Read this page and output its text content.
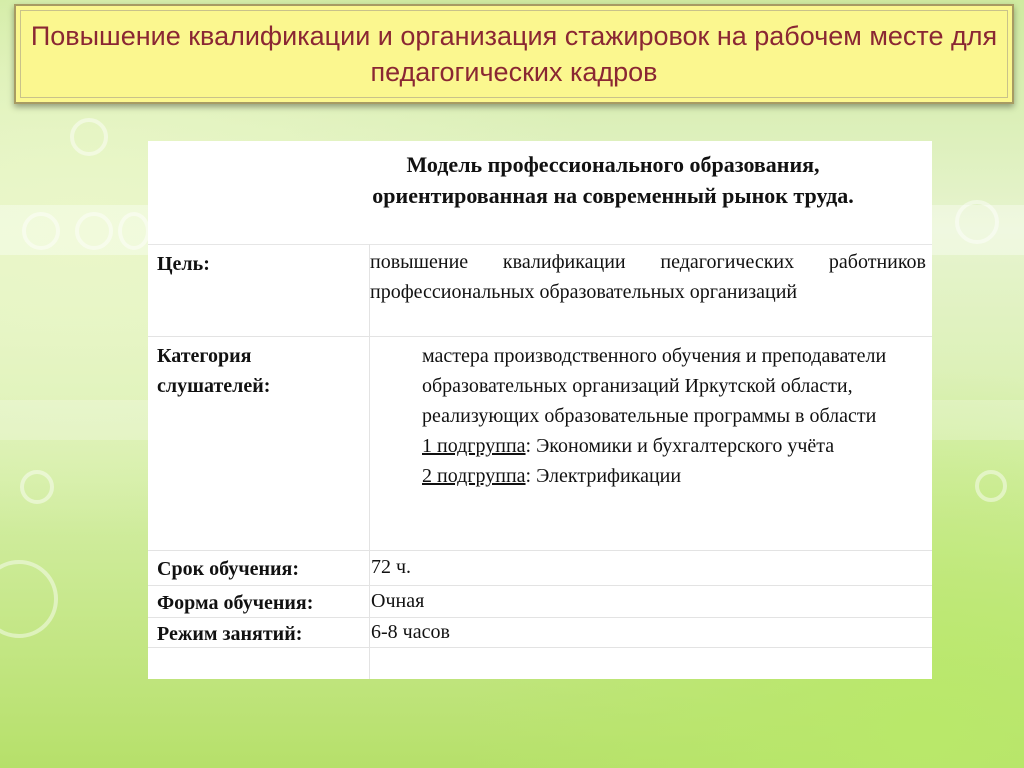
Повышение квалификации и организация стажировок на рабочем месте для педагогических кадров
Модель профессионального образования, ориентированная на современный рынок труда.
Цель:	повышение квалификации педагогических работников профессиональных образовательных организаций
Категория слушателей:
мастера производственного обучения и преподаватели образовательных организаций Иркутской области, реализующих образовательные программы в области
1 подгруппа: Экономики и бухгалтерского учёта
2 подгруппа: Электрификации
Срок обучения:	72 ч.
Форма обучения:	Очная
Режим занятий:	6-8 часов
